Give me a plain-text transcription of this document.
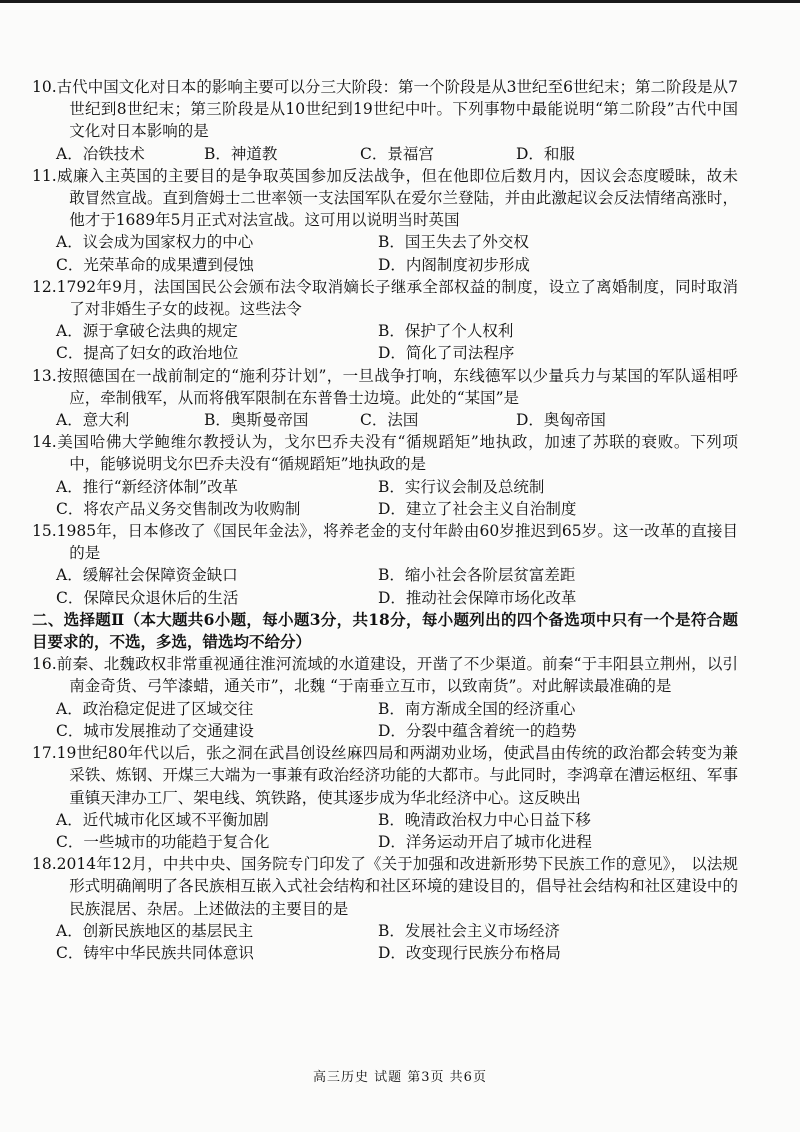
10.古代中国文化对日本的影响主要可以分三大阶段：第一个阶段是从3世纪至6世纪末；第二阶段是从7世纪到8世纪末；第三阶段是从10世纪到19世纪中叶。下列事物中最能说明“第二阶段”古代中国文化对日本影响的是

A．冶铁技术	B．神道教	C．景福宫	D．和服

11.威廉入主英国的主要目的是争取英国参加反法战争，但在他即位后数月内，因议会态度暧昧，故未敢冒然宣战。直到詹姆士二世率领一支法国军队在爱尔兰登陆，并由此激起议会反法情绪高涨时，他才于1689年5月正式对法宣战。这可用以说明当时英国

A．议会成为国家权力的中心	B．国王失去了外交权
C．光荣革命的成果遭到侵蚀	D．内阁制度初步形成

12.1792年9月，法国国民公会颁布法令取消嫡长子继承全部权益的制度，设立了离婚制度，同时取消了对非婚生子女的歧视。这些法令

A．源于拿破仑法典的规定	B．保护了个人权利
C．提高了妇女的政治地位	D．简化了司法程序

13.按照德国在一战前制定的“施利芬计划”，一旦战争打响，东线德军以少量兵力与某国的军队遥相呼应，牵制俄军，从而将俄军限制在东普鲁士边境。此处的“某国”是

A．意大利	B．奥斯曼帝国	C．法国	D．奥匈帝国

14.美国哈佛大学鲍维尔教授认为，戈尔巴乔夫没有“循规蹈矩”地执政，加速了苏联的衰败。下列项中，能够说明戈尔巴乔夫没有“循规蹈矩”地执政的是

A．推行“新经济体制”改革	B．实行议会制及总统制
C．将农产品义务交售制改为收购制	D．建立了社会主义自治制度

15.1985年，日本修改了《国民年金法》，将养老金的支付年龄由60岁推迟到65岁。这一改革的直接目的是

A．缓解社会保障资金缺口	B．缩小社会各阶层贫富差距
C．保障民众退休后的生活	D．推动社会保障市场化改革

二、选择题Ⅱ（本大题共6小题，每小题3分，共18分，每小题列出的四个备选项中只有一个是符合题目要求的，不选，多选，错选均不给分）

16.前秦、北魏政权非常重视通往淮河流域的水道建设，开凿了不少渠道。前秦“于丰阳县立荆州，以引南金奇货、弓竿漆蜡，通关市”，北魏 “于南垂立互市，以致南货”。对此解读最准确的是

A．政治稳定促进了区域交往	B．南方渐成全国的经济重心
C．城市发展推动了交通建设	D．分裂中蕴含着统一的趋势

17.19世纪80年代以后，张之洞在武昌创设丝麻四局和两湖劝业场，使武昌由传统的政治都会转变为兼采铁、炼钢、开煤三大端为一事兼有政治经济功能的大都市。与此同时，李鸿章在漕运枢纽、军事重镇天津办工厂、架电线、筑铁路，使其逐步成为华北经济中心。这反映出

A．近代城市化区域不平衡加剧	B．晚清政治权力中心日益下移
C．一些城市的功能趋于复合化	D．洋务运动开启了城市化进程

18.2014年12月，中共中央、国务院专门印发了《关于加强和改进新形势下民族工作的意见》， 以法规形式明确阐明了各民族相互嵌入式社会结构和社区环境的建设目的，倡导社会结构和社区建设中的民族混居、杂居。上述做法的主要目的是

A．创新民族地区的基层民主	B．发展社会主义市场经济
C．铸牢中华民族共同体意识	D．改变现行民族分布格局
高三历史 试题 第3页 共6页
